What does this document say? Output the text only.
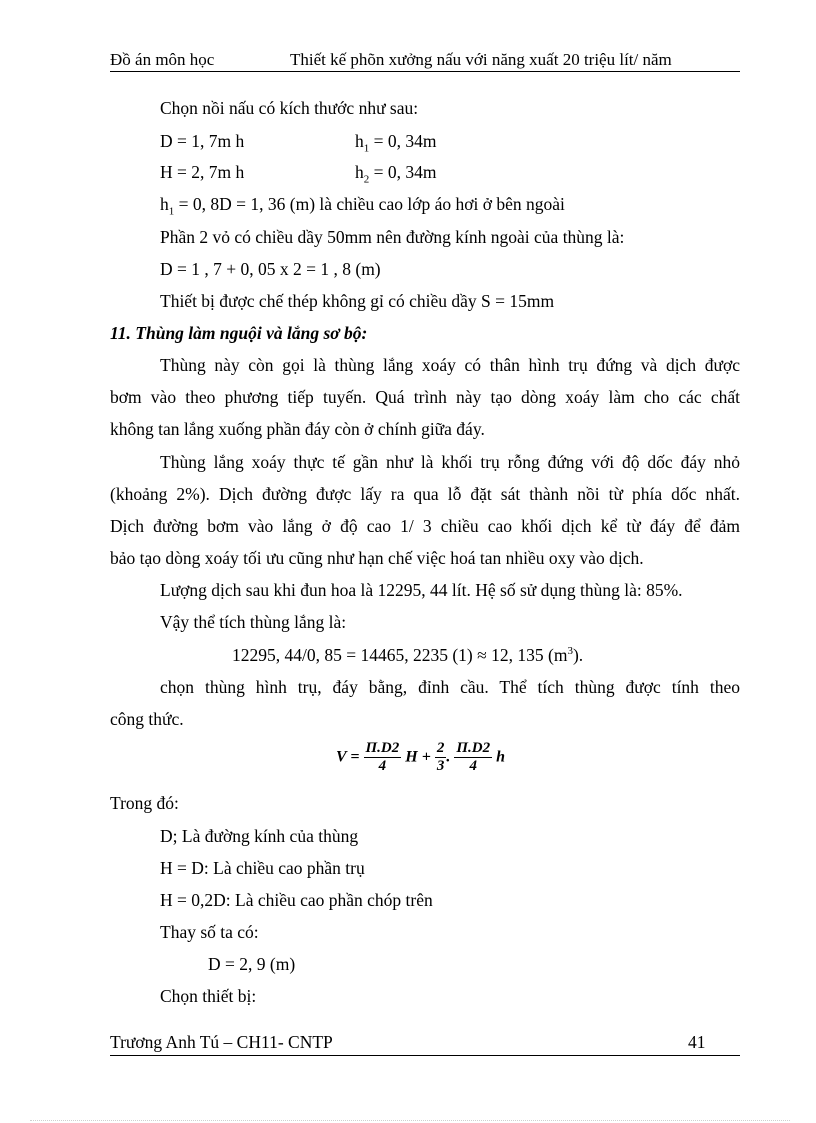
Đồ án môn học	Thiết kế phõn xưởng nấu với năng xuất 20 triệu lít/ năm
Chọn nồi nấu có kích thước như sau:
D = 1, 7m h	$h_1 = 0$, 34m
H = 2, 7m h	$h_2 = 0$, 34m
$h_1 = 0$, 8D = 1, 36 (m) là chiều cao lớp áo hơi ở bên ngoài
Phần 2 vỏ có chiều dầy 50mm nên đường kính ngoài của thùng là:
D = 1 , 7 + 0, 05 x 2 = 1 , 8 (m)
Thiết bị được chế thép không gỉ có chiều dầy S = 15mm
11. Thùng làm nguội và lắng sơ bộ:
Thùng này còn gọi là thùng lắng xoáy có thân hình trụ đứng và dịch được
bơm vào theo phương tiếp tuyến. Quá trình này tạo dòng xoáy làm cho các chất
không tan lắng xuống phần đáy còn ở chính giữa đáy.
Thùng lắng xoáy thực tế gần như là khối trụ rỗng đứng với độ dốc đáy nhỏ
(khoảng 2%). Dịch đường được lấy ra qua lỗ đặt sát thành nồi từ phía dốc nhất.
Dịch đường bơm vào lắng ở độ cao 1/ 3 chiều cao khối dịch kể từ đáy để đảm
bảo tạo dòng xoáy tối ưu cũng như hạn chế việc hoá tan nhiều oxy vào dịch.
Lượng dịch sau khi đun hoa là 12295, 44 lít. Hệ số sử dụng thùng là: 85%.
Vậy thể tích thùng lắng là:
12295, 44/0, 85 = 14465, 2235 (1) ≈ 12, 135 $(m^3)$.
chọn thùng hình trụ, đáy bằng, đỉnh cầu. Thể tích thùng được tính theo
công thức.
$V = \frac{\Pi.D2}{4}$ $H + \frac{2}{3}$ . $\frac{\Pi.D2}{4}$ h
Trong đó:
D; Là đường kính của thùng
H = D: Là chiều cao phần trụ
H = 0,2D: Là chiều cao phần chóp trên
Thay số ta có:
D = 2, 9 (m)
Chọn thiết bị:
Trương Anh Tú – CH11- CNTP	41
